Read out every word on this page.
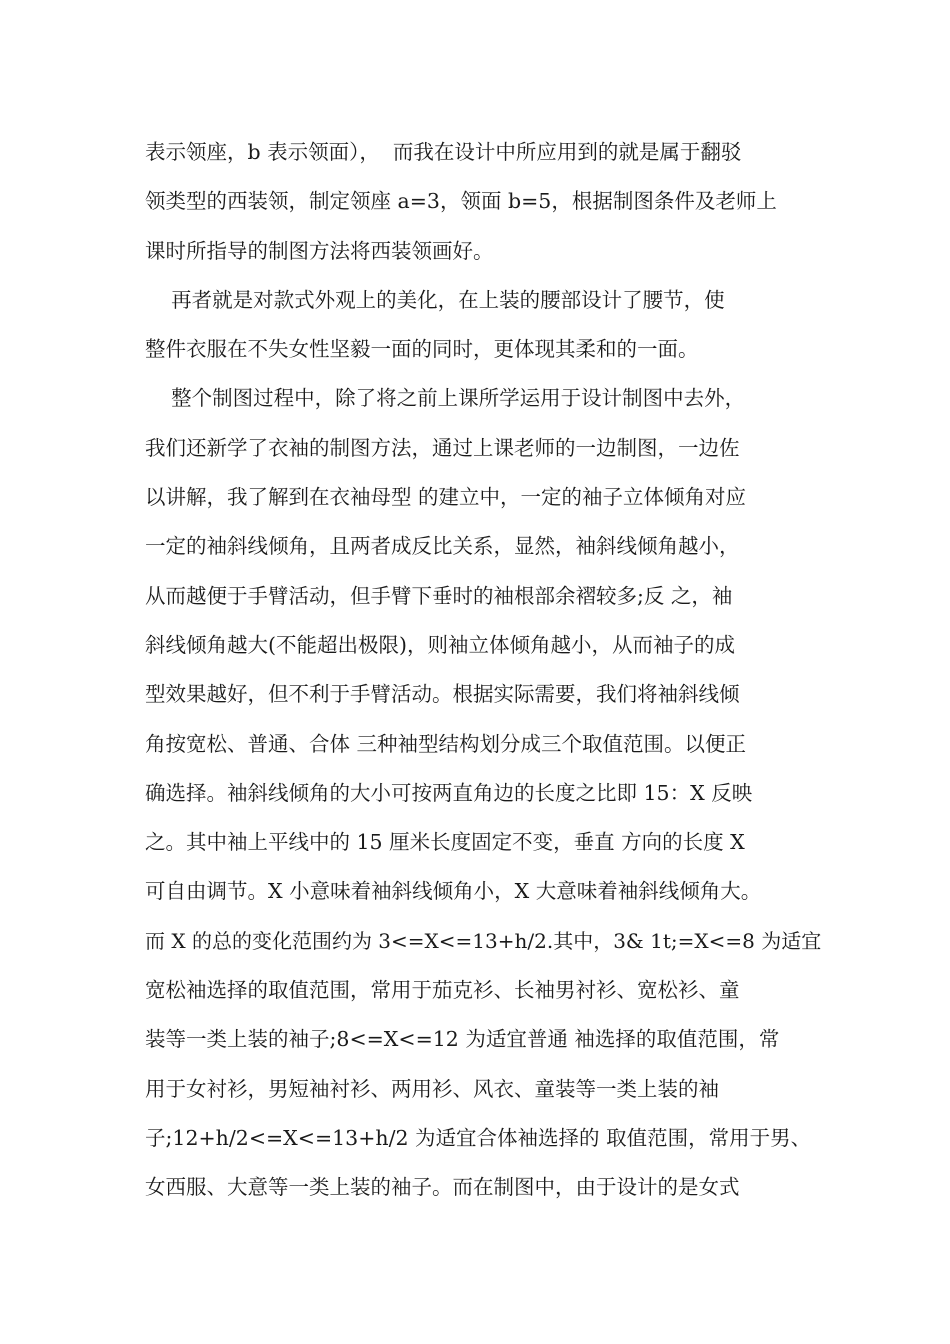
表示领座，b 表示领面），  而我在设计中所应用到的就是属于翻驳
领类型的西装领，制定领座 a=3，领面 b=5，根据制图条件及老师上
课时所指导的制图方法将西装领画好。
再者就是对款式外观上的美化，在上装的腰部设计了腰节，使
整件衣服在不失女性坚毅一面的同时，更体现其柔和的一面。
整个制图过程中，除了将之前上课所学运用于设计制图中去外，
我们还新学了衣袖的制图方法，通过上课老师的一边制图，一边佐
以讲解，我了解到在衣袖母型 的建立中，一定的袖子立体倾角对应
一定的袖斜线倾角，且两者成反比关系，显然，袖斜线倾角越小，
从而越便于手臂活动，但手臂下垂时的袖根部余褶较多;反 之，袖
斜线倾角越大(不能超出极限)，则袖立体倾角越小，从而袖子的成
型效果越好，但不利于手臂活动。根据实际需要，我们将袖斜线倾
角按宽松、普通、合体 三种袖型结构划分成三个取值范围。以便正
确选择。袖斜线倾角的大小可按两直角边的长度之比即 15：X 反映
之。其中袖上平线中的 15 厘米长度固定不变，垂直 方向的长度 X
可自由调节。X 小意味着袖斜线倾角小，X 大意味着袖斜线倾角大。
而 X 的总的变化范围约为 3<=X<=13+h/2.其中，3& 1t;=X<=8 为适宜
宽松袖选择的取值范围，常用于茄克衫、长袖男衬衫、宽松衫、童
装等一类上装的袖子;8<=X<=12 为适宜普通 袖选择的取值范围，常
用于女衬衫，男短袖衬衫、两用衫、风衣、童装等一类上装的袖
子;12+h/2<=X<=13+h/2 为适宜合体袖选择的 取值范围，常用于男、
女西服、大意等一类上装的袖子。而在制图中，由于设计的是女式
